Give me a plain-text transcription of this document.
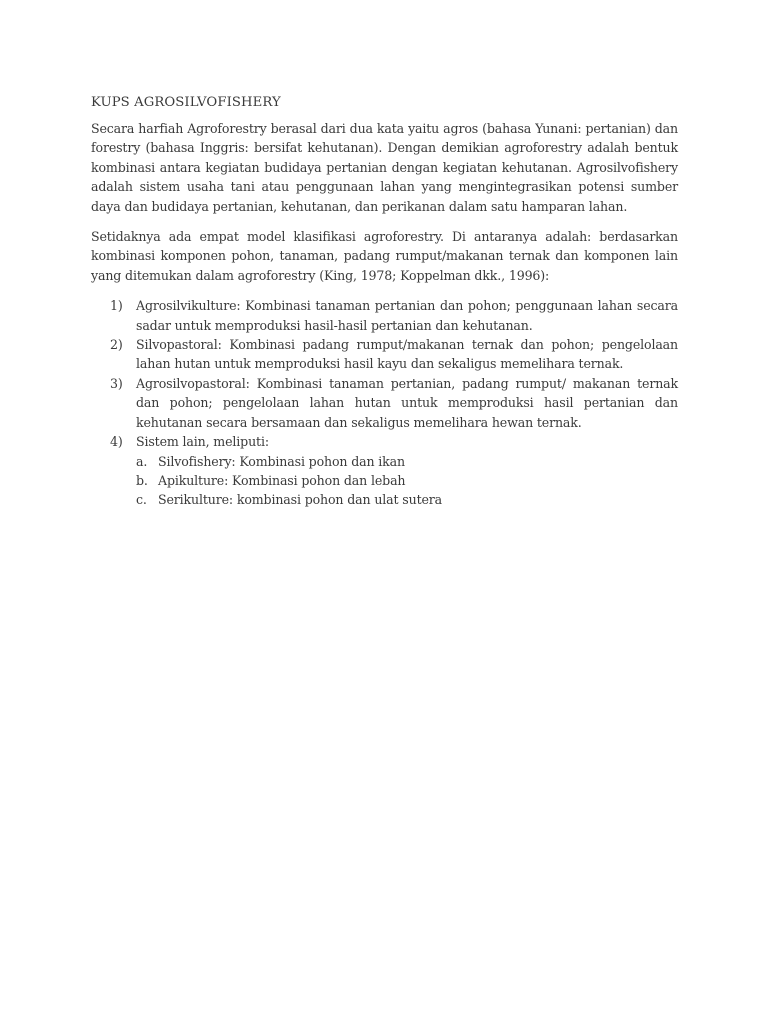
KUPS AGROSILVOFISHERY

Secara harfiah Agroforestry berasal dari dua kata yaitu agros (bahasa Yunani: pertanian) dan forestry (bahasa Inggris: bersifat kehutanan). Dengan demikian agroforestry adalah bentuk kombinasi antara kegiatan budidaya pertanian dengan kegiatan kehutanan. Agrosilvofishery adalah sistem usaha tani atau penggunaan lahan yang mengintegrasikan potensi sumber daya dan budidaya pertanian, kehutanan, dan perikanan dalam satu hamparan lahan.

Setidaknya ada empat model klasifikasi agroforestry. Di antaranya adalah: berdasarkan kombinasi komponen pohon, tanaman, padang rumput/makanan ternak dan komponen lain yang ditemukan dalam agroforestry (King, 1978; Koppelman dkk., 1996):

1) Agrosilvikulture: Kombinasi tanaman pertanian dan pohon; penggunaan lahan secara sadar untuk memproduksi hasil-hasil pertanian dan kehutanan.
2) Silvopastoral: Kombinasi padang rumput/makanan ternak dan pohon; pengelolaan lahan hutan untuk memproduksi hasil kayu dan sekaligus memelihara ternak.
3) Agrosilvopastoral: Kombinasi tanaman pertanian, padang rumput/ makanan ternak dan pohon; pengelolaan lahan hutan untuk memproduksi hasil pertanian dan kehutanan secara bersamaan dan sekaligus memelihara hewan ternak.
4) Sistem lain, meliputi:
a. Silvofishery: Kombinasi pohon dan ikan
b. Apikulture: Kombinasi pohon dan lebah
c. Serikulture: kombinasi pohon dan ulat sutera
